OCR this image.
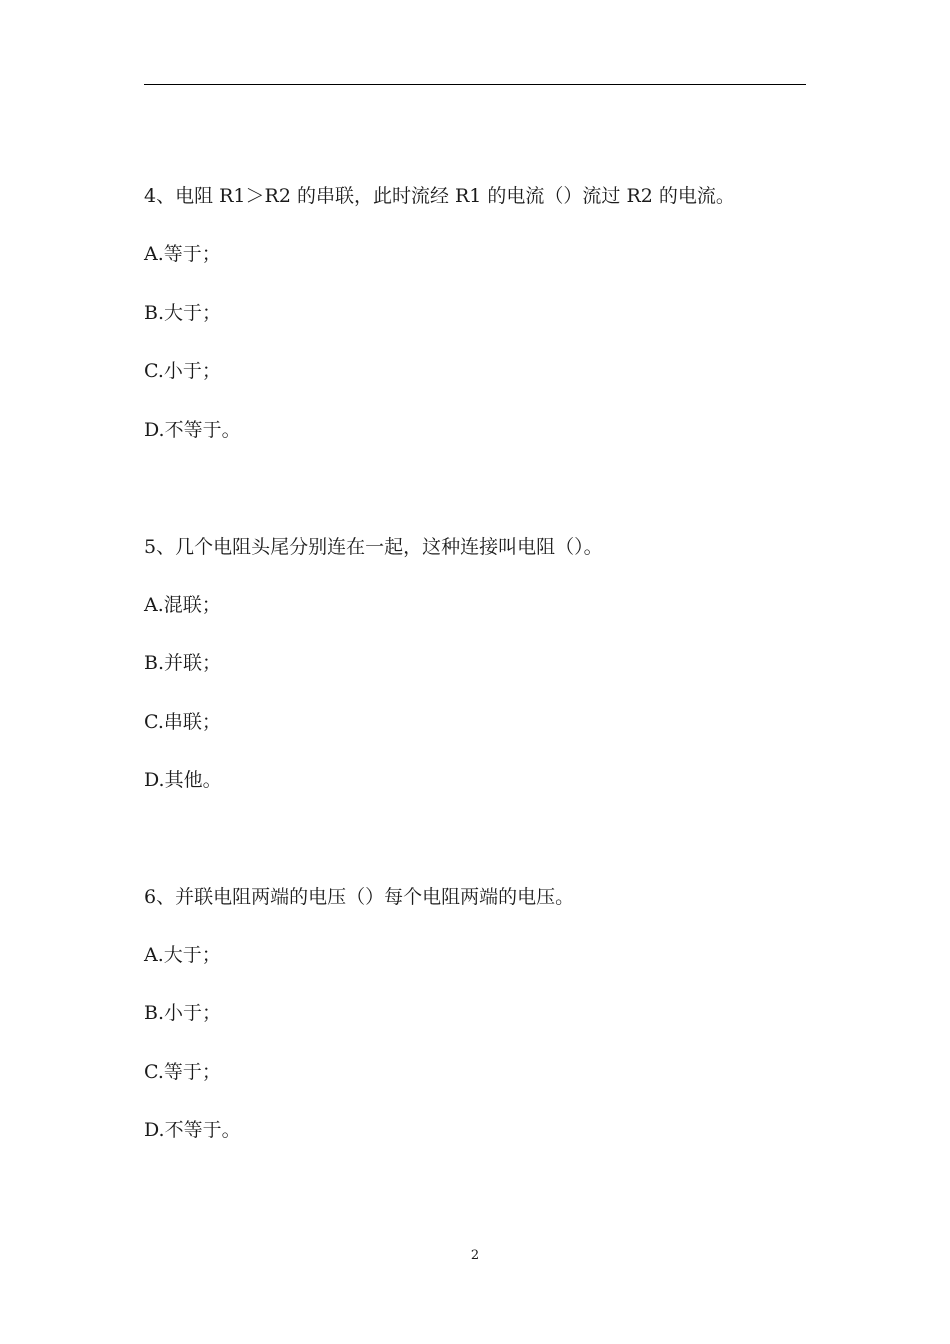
4、电阻 R1＞R2 的串联，此时流经 R1 的电流（）流过 R2 的电流。

A.等于；

B.大于；

C.小于；

D.不等于。

5、几个电阻头尾分别连在一起，这种连接叫电阻（）。

A.混联；

B.并联；

C.串联；

D.其他。

6、并联电阻两端的电压（）每个电阻两端的电压。

A.大于；

B.小于；

C.等于；

D.不等于。

2
